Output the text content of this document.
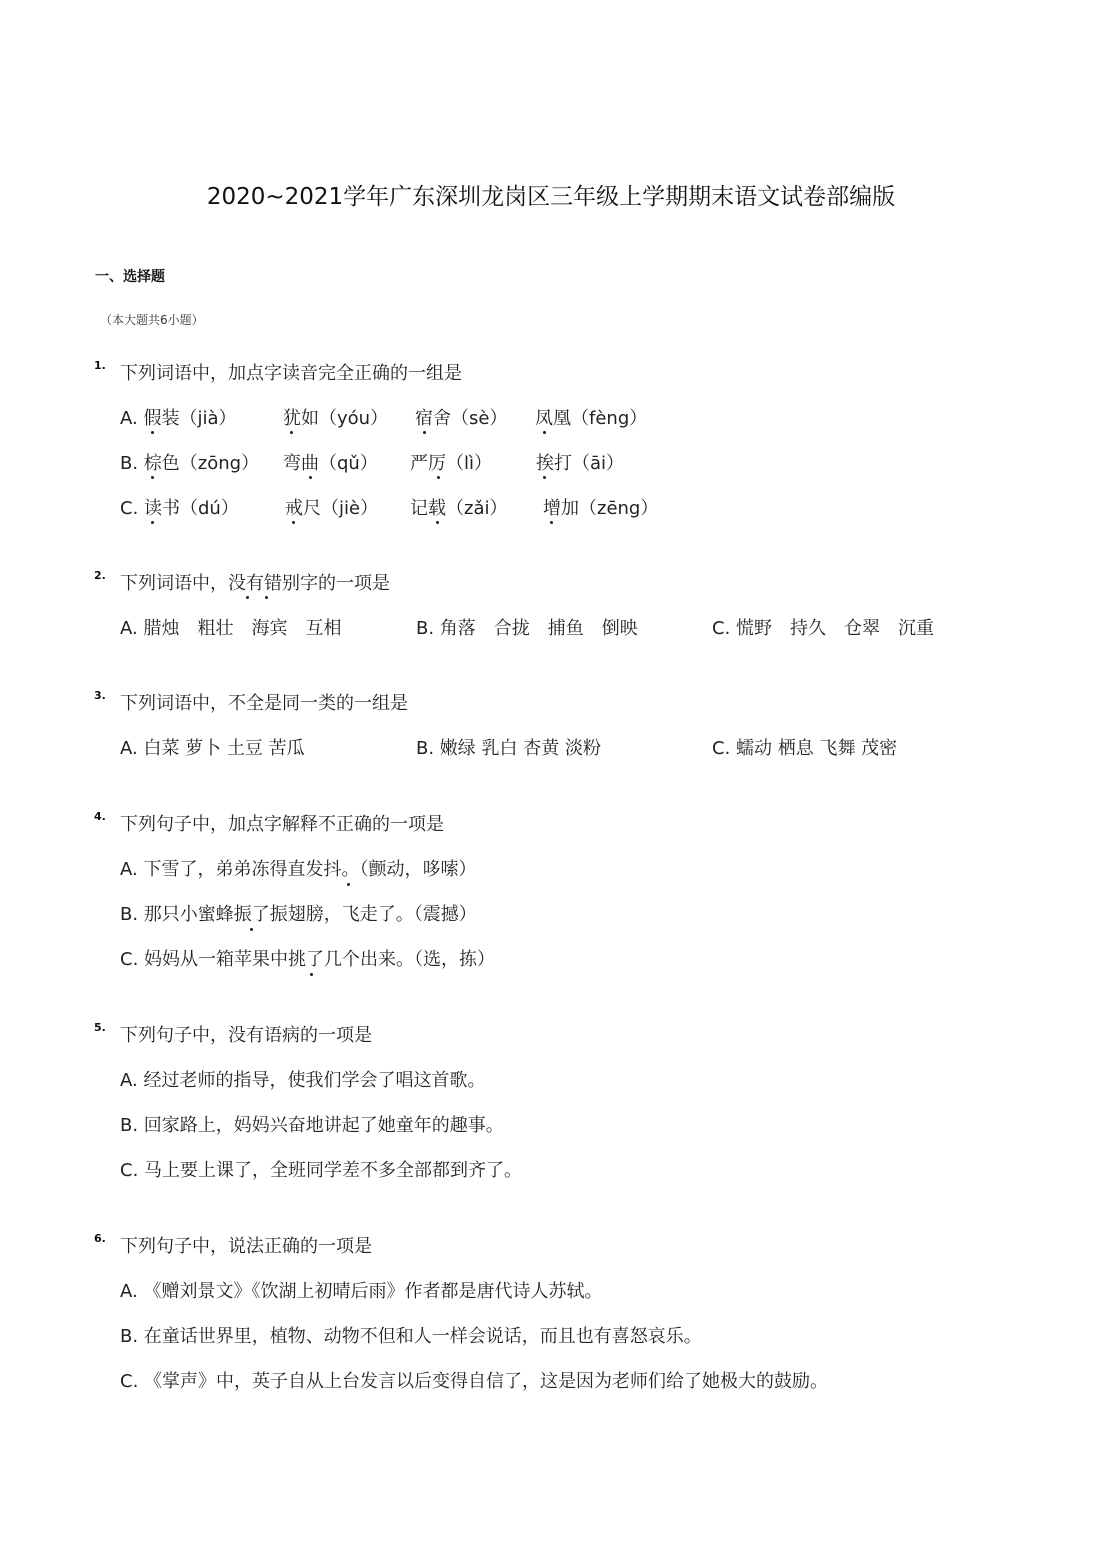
2020~2021学年广东深圳龙岗区三年级上学期期末语文试卷部编版
一、选择题
（本大题共6小题）
1. 下列词语中，加点字读音完全正确的一组是
A. 假装（jià）	犹如（yóu） 宿舍（sè） 凤凰（fèng）
B. 棕色（zōng） 弯曲（qǔ） 严厉（lì） 挨打（āi）
C. 读书（dú）	戒尺（jiè） 记载（zǎi） 增加（zēng）
2. 下列词语中，没有错别字的一项是
A. 腊烛　粗壮　海宾　互相	B. 角落　合拢　捕鱼　倒映	C. 慌野　持久　仓翠　沉重
3. 下列词语中，不全是同一类的一组是
A. 白菜 萝卜 土豆 苦瓜	B. 嫩绿 乳白 杏黄 淡粉	C. 蠕动 栖息 飞舞 茂密
4. 下列句子中，加点字解释不正确的一项是
A. 下雪了，弟弟冻得直发抖。（颤动，哆嗦）
B. 那只小蜜蜂振了振翅膀，飞走了。（震撼）
C. 妈妈从一箱苹果中挑了几个出来。（选，拣）
5. 下列句子中，没有语病的一项是
A. 经过老师的指导，使我们学会了唱这首歌。
B. 回家路上，妈妈兴奋地讲起了她童年的趣事。
C. 马上要上课了，全班同学差不多全部都到齐了。
6. 下列句子中，说法正确的一项是
A. 《赠刘景文》《饮湖上初晴后雨》作者都是唐代诗人苏轼。
B. 在童话世界里，植物、动物不但和人一样会说话，而且也有喜怒哀乐。
C. 《掌声》中，英子自从上台发言以后变得自信了，这是因为老师们给了她极大的鼓励。
